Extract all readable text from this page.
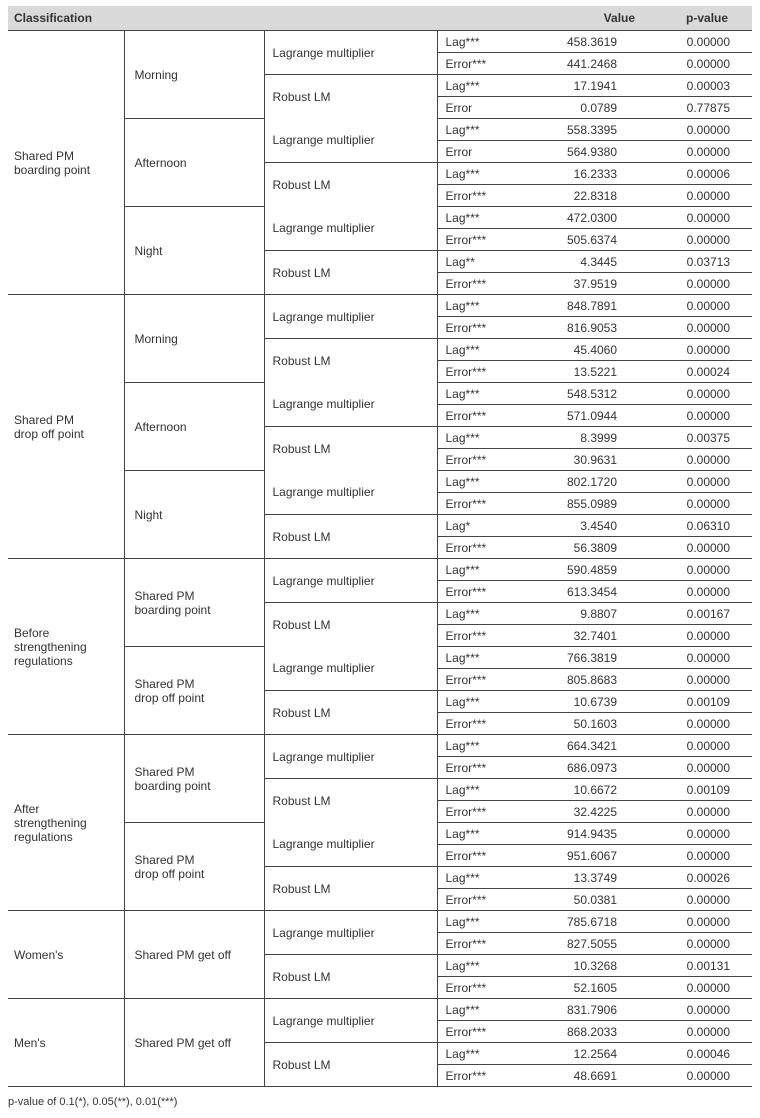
Classification				Value	p-value
Shared PM
boarding point	Morning	Lagrange multiplier	Lag***	458.3619	0.00000
			Error***	441.2468	0.00000
		Robust LM	Lag***	17.1941	0.00003
			Error	0.0789	0.77875
	Afternoon	Lagrange multiplier	Lag***	558.3395	0.00000
			Error	564.9380	0.00000
		Robust LM	Lag***	16.2333	0.00006
			Error***	22.8318	0.00000
	Night	Lagrange multiplier	Lag***	472.0300	0.00000
			Error***	505.6374	0.00000
		Robust LM	Lag**	4.3445	0.03713
			Error***	37.9519	0.00000
Shared PM
drop off point	Morning	Lagrange multiplier	Lag***	848.7891	0.00000
			Error***	816.9053	0.00000
		Robust LM	Lag***	45.4060	0.00000
			Error***	13.5221	0.00024
	Afternoon	Lagrange multiplier	Lag***	548.5312	0.00000
			Error***	571.0944	0.00000
		Robust LM	Lag***	8.3999	0.00375
			Error***	30.9631	0.00000
	Night	Lagrange multiplier	Lag***	802.1720	0.00000
			Error***	855.0989	0.00000
		Robust LM	Lag*	3.4540	0.06310
			Error***	56.3809	0.00000
Before
strengthening
regulations	Shared PM
boarding point	Lagrange multiplier	Lag***	590.4859	0.00000
			Error***	613.3454	0.00000
		Robust LM	Lag***	9.8807	0.00167
			Error***	32.7401	0.00000
	Shared PM
drop off point	Lagrange multiplier	Lag***	766.3819	0.00000
			Error***	805.8683	0.00000
		Robust LM	Lag***	10.6739	0.00109
			Error***	50.1603	0.00000
After
strengthening
regulations	Shared PM
boarding point	Lagrange multiplier	Lag***	664.3421	0.00000
			Error***	686.0973	0.00000
		Robust LM	Lag***	10.6672	0.00109
			Error***	32.4225	0.00000
	Shared PM
drop off point	Lagrange multiplier	Lag***	914.9435	0.00000
			Error***	951.6067	0.00000
		Robust LM	Lag***	13.3749	0.00026
			Error***	50.0381	0.00000
Women's	Shared PM get off	Lagrange multiplier	Lag***	785.6718	0.00000
			Error***	827.5055	0.00000
		Robust LM	Lag***	10.3268	0.00131
			Error***	52.1605	0.00000
Men's	Shared PM get off	Lagrange multiplier	Lag***	831.7906	0.00000
			Error***	868.2033	0.00000
		Robust LM	Lag***	12.2564	0.00046
			Error***	48.6691	0.00000
p-value of 0.1(*), 0.05(**), 0.01(***)
